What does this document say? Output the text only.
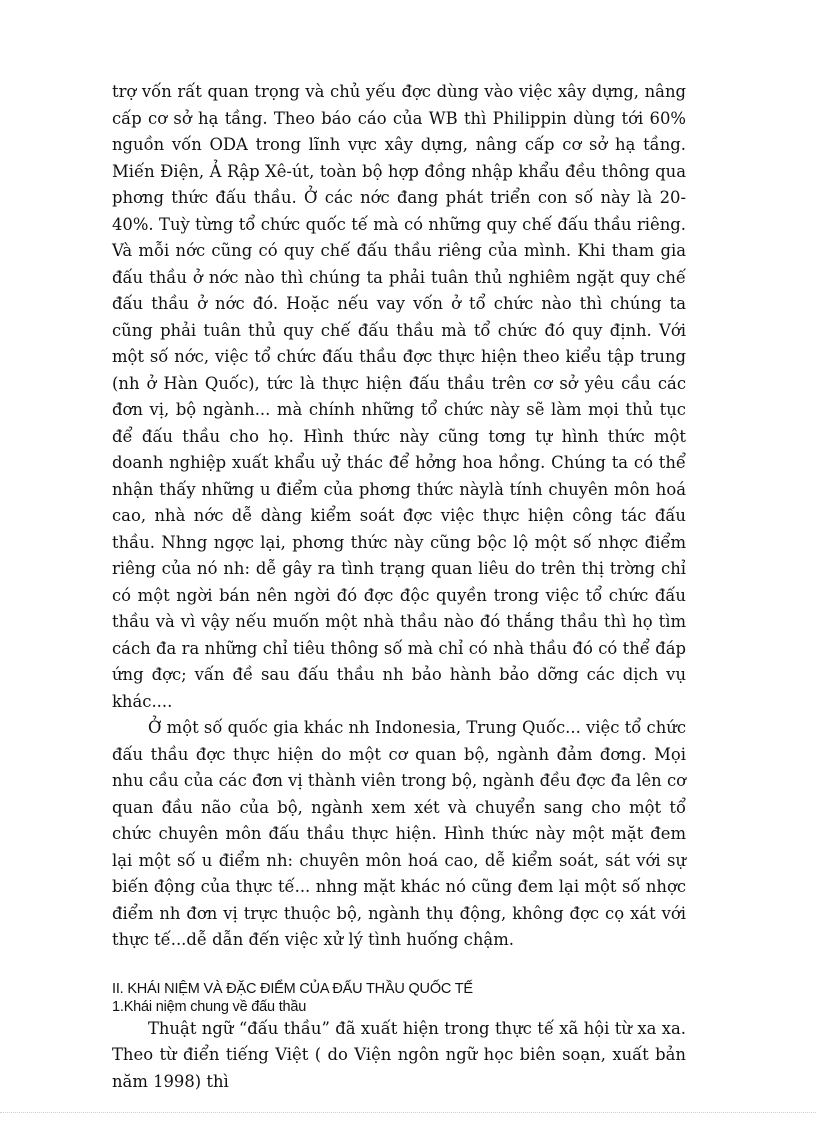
trợ vốn rất quan trọng và chủ yếu đợc dùng vào việc xây dựng, nâng cấp cơ sở hạ tầng. Theo báo cáo của WB thì Philippin dùng tới 60% nguồn vốn ODA trong lĩnh vực xây dựng, nâng cấp cơ sở hạ tầng. Miến Điện, Ả Rập Xê-út, toàn bộ hợp đồng nhập khẩu đều thông qua phơng thức đấu thầu. Ở các nớc đang phát triển con số này là 20-40%. Tuỳ từng tổ chức quốc tế mà có những quy chế đấu thầu riêng. Và mỗi nớc cũng có quy chế đấu thầu riêng của mình. Khi tham gia đấu thầu ở nớc nào thì chúng ta phải tuân thủ nghiêm ngặt quy chế đấu thầu ở nớc đó. Hoặc nếu vay vốn ở tổ chức nào thì chúng ta cũng phải tuân thủ quy chế đấu thầu mà tổ chức đó quy định. Với một số nớc, việc tổ chức đấu thầu đợc thực hiện theo kiểu tập trung (nh ở Hàn Quốc), tức là thực hiện đấu thầu trên cơ sở yêu cầu các đơn vị, bộ ngành... mà chính những tổ chức này sẽ làm mọi thủ tục để đấu thầu cho họ. Hình thức này cũng tơng tự hình thức một doanh nghiệp xuất khẩu uỷ thác để hởng hoa hồng. Chúng ta có thể nhận thấy những u điểm của phơng thức nàylà tính chuyên môn hoá cao, nhà nớc dễ dàng kiểm soát đợc việc thực hiện công tác đấu thầu. Nhng ngợc lại, phơng thức này cũng bộc lộ một số nhợc điểm riêng của nó nh: dễ gây ra tình trạng quan liêu do trên thị trờng chỉ có một ngời bán nên ngời đó đợc độc quyền trong việc tổ chức đấu thầu và vì vậy nếu muốn một nhà thầu nào đó thắng thầu thì họ tìm cách đa ra những chỉ tiêu thông số mà chỉ có nhà thầu đó có thể đáp ứng đợc; vấn đề sau đấu thầu nh bảo hành bảo dỡng các dịch vụ khác....

Ở một số quốc gia khác nh Indonesia, Trung Quốc... việc tổ chức đấu thầu đợc thực hiện do một cơ quan bộ, ngành đảm đơng. Mọi nhu cầu của các đơn vị thành viên trong bộ, ngành đều đợc đa lên cơ quan đầu não của bộ, ngành xem xét và chuyển sang cho một tổ chức chuyên môn đấu thầu thực hiện. Hình thức này một mặt đem lại một số u điểm nh: chuyên môn hoá cao, dễ kiểm soát, sát với sự biến động của thực tế... nhng mặt khác nó cũng đem lại một số nhợc điểm nh đơn vị trực thuộc bộ, ngành thụ động, không đợc cọ xát với thực tế...dễ dẫn đến việc xử lý tình huống chậm.

II. KHÁI NIỆM VÀ ĐẶC ĐIỂM CỦA ĐẤU THẦU QUỐC TẾ
1.Khái niệm chung về đấu thầu

Thuật ngữ “đấu thầu” đã xuất hiện trong thực tế xã hội từ xa xa. Theo từ điển tiếng Việt ( do Viện ngôn ngữ học biên soạn, xuất bản năm 1998) thì
